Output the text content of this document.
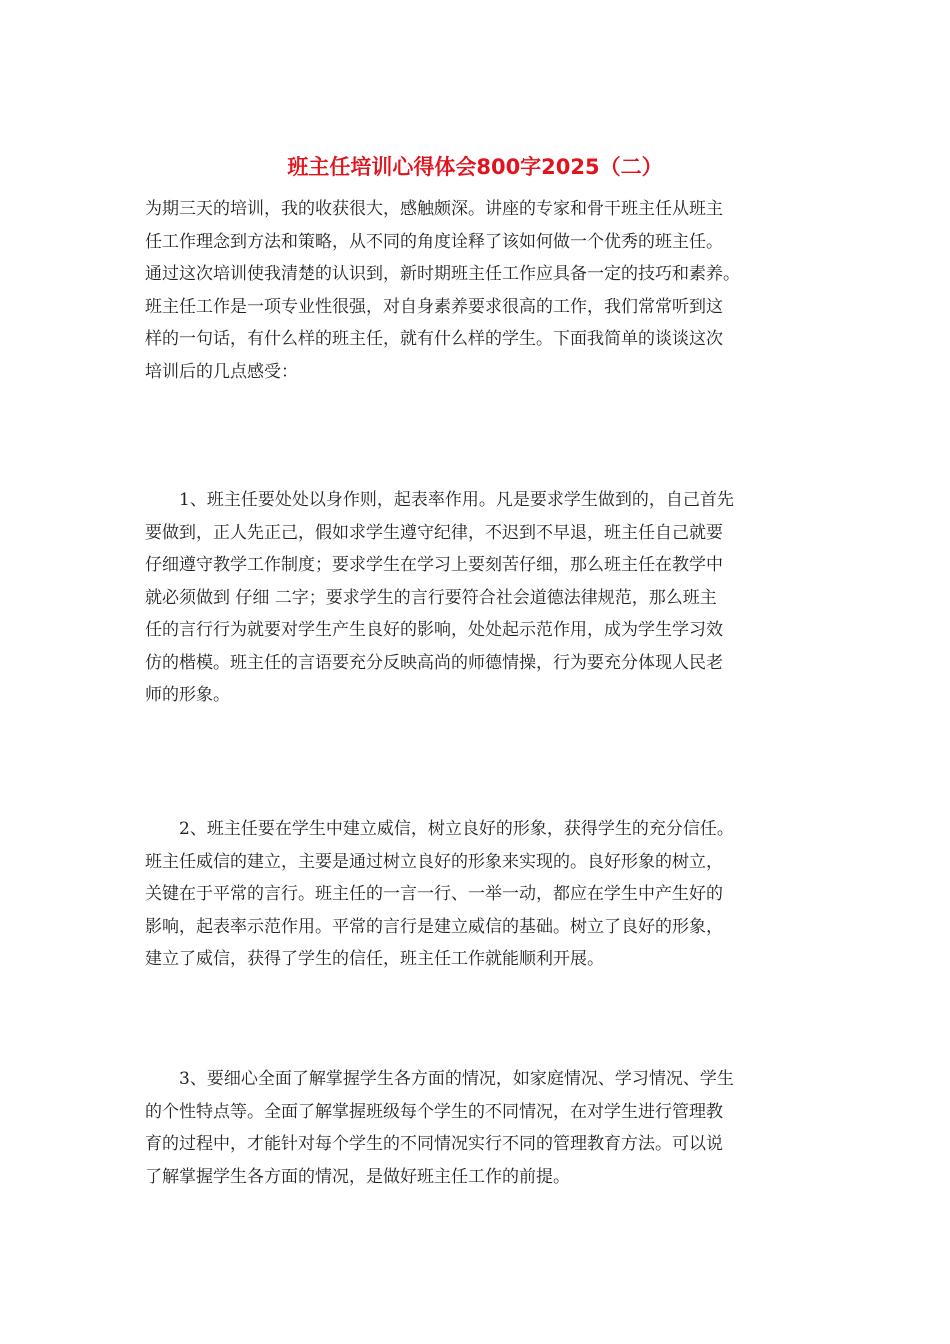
班主任培训心得体会800字2025（二）

为期三天的培训，我的收获很大，感触颇深。讲座的专家和骨干班主任从班主
任工作理念到方法和策略，从不同的角度诠释了该如何做一个优秀的班主任。
通过这次培训使我清楚的认识到，新时期班主任工作应具备一定的技巧和素养。
班主任工作是一项专业性很强，对自身素养要求很高的工作，我们常常听到这
样的一句话，有什么样的班主任，就有什么样的学生。下面我简单的谈谈这次
培训后的几点感受：

1、班主任要处处以身作则，起表率作用。凡是要求学生做到的，自己首先
要做到，正人先正己，假如求学生遵守纪律，不迟到不早退，班主任自己就要
仔细遵守教学工作制度；要求学生在学习上要刻苦仔细，那么班主任在教学中
就必须做到 仔细 二字；要求学生的言行要符合社会道德法律规范，那么班主
任的言行行为就要对学生产生良好的影响，处处起示范作用，成为学生学习效
仿的楷模。班主任的言语要充分反映高尚的师德情操，行为要充分体现人民老
师的形象。

2、班主任要在学生中建立威信，树立良好的形象，获得学生的充分信任。
班主任威信的建立，主要是通过树立良好的形象来实现的。良好形象的树立，
关键在于平常的言行。班主任的一言一行、一举一动，都应在学生中产生好的
影响，起表率示范作用。平常的言行是建立威信的基础。树立了良好的形象，
建立了威信，获得了学生的信任，班主任工作就能顺利开展。

3、要细心全面了解掌握学生各方面的情况，如家庭情况、学习情况、学生
的个性特点等。全面了解掌握班级每个学生的不同情况，在对学生进行管理教
育的过程中，才能针对每个学生的不同情况实行不同的管理教育方法。可以说
了解掌握学生各方面的情况，是做好班主任工作的前提。
